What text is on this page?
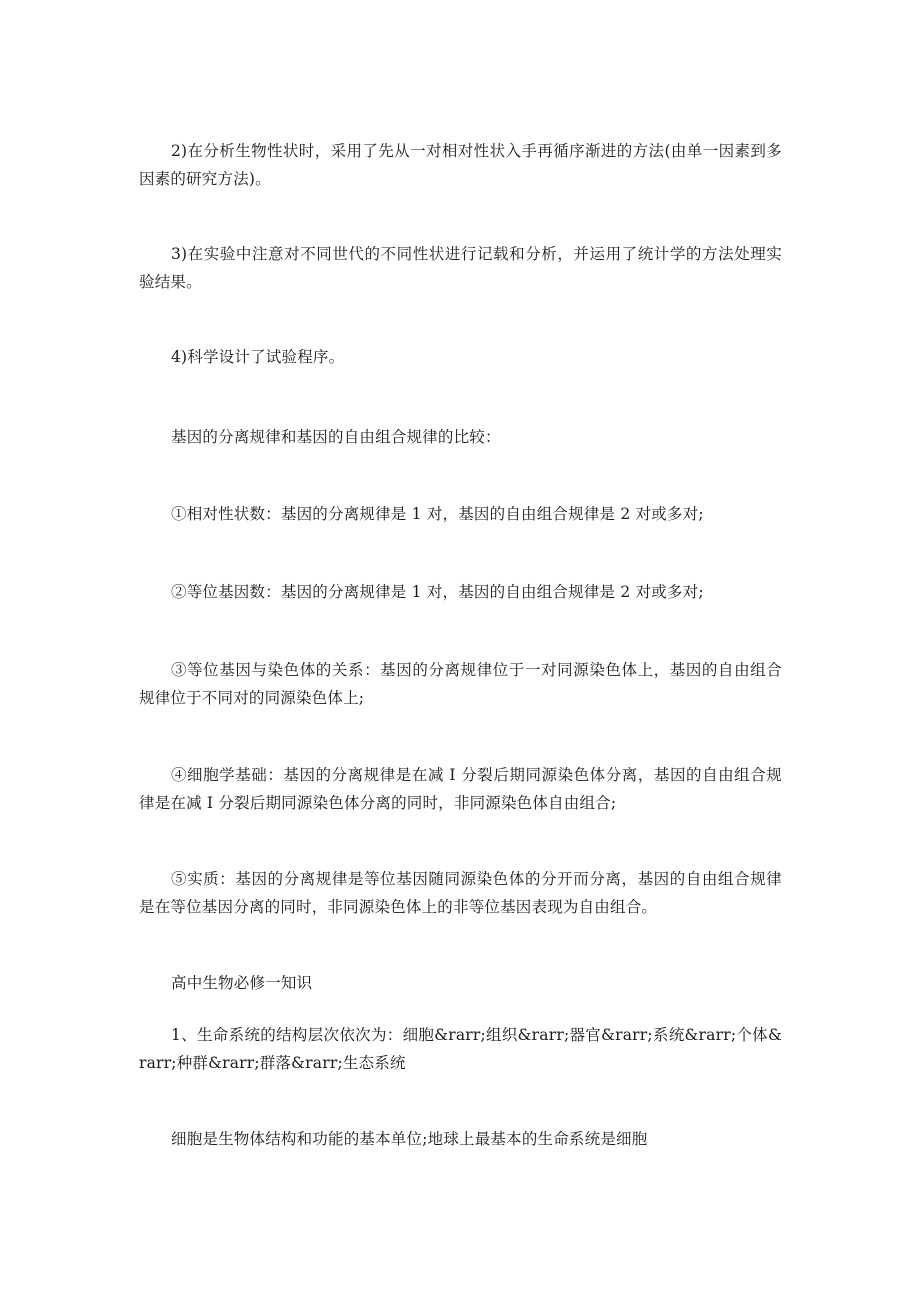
2)在分析生物性状时，采用了先从一对相对性状入手再循序渐进的方法(由单一因素到多因素的研究方法)。

3)在实验中注意对不同世代的不同性状进行记载和分析，并运用了统计学的方法处理实验结果。

4)科学设计了试验程序。

基因的分离规律和基因的自由组合规律的比较：

①相对性状数：基因的分离规律是 1 对，基因的自由组合规律是 2 对或多对;

②等位基因数：基因的分离规律是 1 对，基因的自由组合规律是 2 对或多对;

③等位基因与染色体的关系：基因的分离规律位于一对同源染色体上，基因的自由组合规律位于不同对的同源染色体上;

④细胞学基础：基因的分离规律是在减 I 分裂后期同源染色体分离，基因的自由组合规律是在减 I 分裂后期同源染色体分离的同时，非同源染色体自由组合;

⑤实质：基因的分离规律是等位基因随同源染色体的分开而分离，基因的自由组合规律是在等位基因分离的同时，非同源染色体上的非等位基因表现为自由组合。

高中生物必修一知识

1、生命系统的结构层次依次为：细胞&rarr;组织&rarr;器官&rarr;系统&rarr;个体&rarr;种群&rarr;群落&rarr;生态系统

细胞是生物体结构和功能的基本单位;地球上最基本的生命系统是细胞
